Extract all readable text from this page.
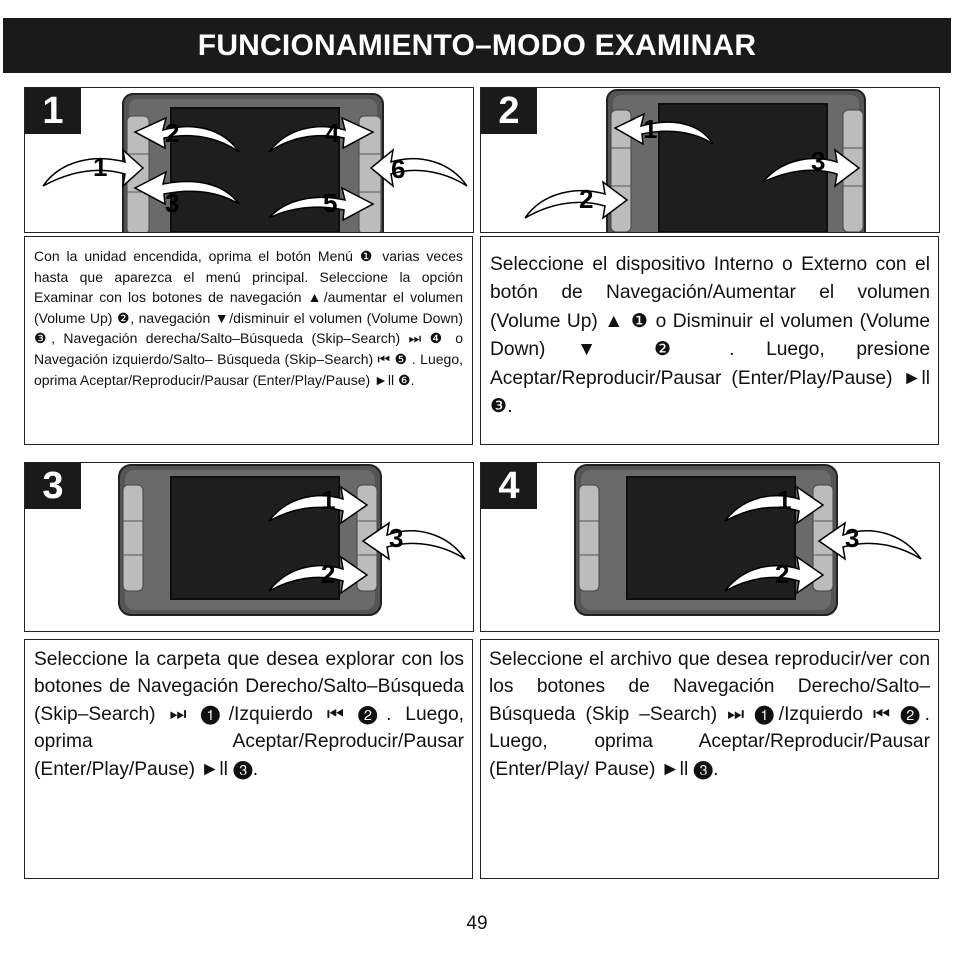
FUNCIONAMIENTO–MODO EXAMINAR
1
1
2
3
4
5
6
2	1
2
3
Con la unidad encendida, oprima el botón Menú ❶ varias veces hasta que aparezca el menú principal. Seleccione la opción Examinar con los botones de navegación ▲/aumentar el volumen (Volume Up) ❷, navegación ▼/disminuir el volumen (Volume Down) ❸, Navegación derecha/Salto–Búsqueda (Skip–Search) ⏭ ❹ o Navegación izquierdo/Salto– Búsqueda (Skip–Search) ⏮ ❺ . Luego, oprima Aceptar/Reproducir/Pausar (Enter/Play/Pause) ►ll ❻.
Seleccione el dispositivo Interno o Externo con el botón de Navegación/Aumentar el volumen (Volume Up) ▲ ❶ o Disminuir el volumen (Volume Down) ▼ ❷ . Luego, presione Aceptar/Reproducir/Pausar (Enter/Play/Pause) ►ll ❸.
3	1
2
3
4	1
2
3
Seleccione la carpeta que desea explorar con los botones de Navegación Derecho/Salto–Búsqueda (Skip–Search) ⏭ ❶/Izquierdo ⏮ ❷. Luego, oprima Aceptar/Reproducir/Pausar (Enter/Play/Pause) ►ll ❸.
Seleccione el archivo que desea reproducir/ver con los botones de Navegación Derecho/Salto–Búsqueda (Skip –Search) ⏭ ❶/Izquierdo ⏮ ❷. Luego, oprima Aceptar/Reproducir/Pausar (Enter/Play/ Pause) ►ll ❸.
49
